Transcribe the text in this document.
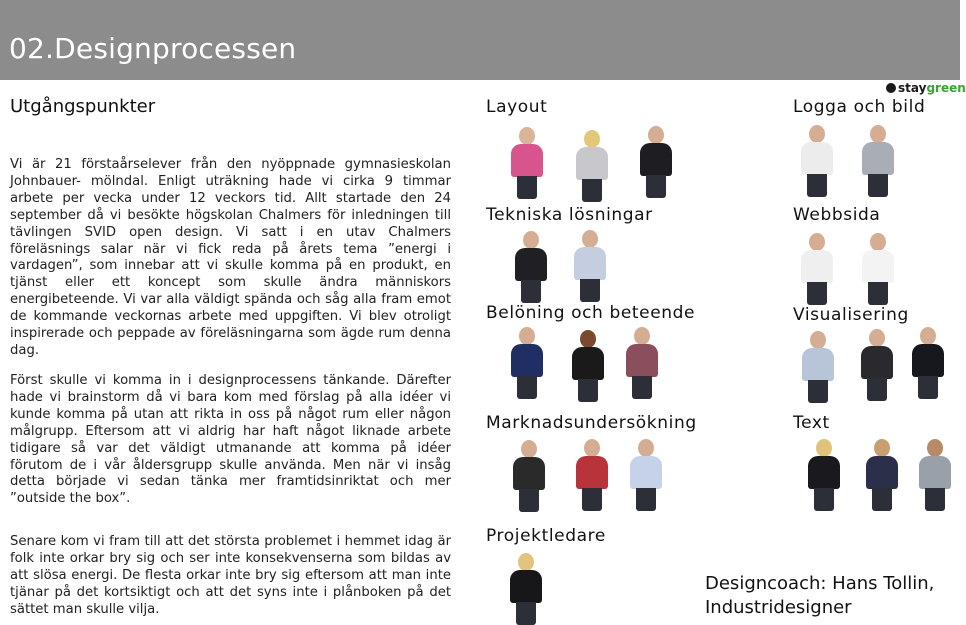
02.Designprocessen
staygreen
Utgångspunkter

Vi är 21 förstaårselever från den nyöppnade gymnasieskolan Johnbauer- mölndal. Enligt uträkning hade vi cirka 9 timmar arbete per vecka under 12 veckors tid. Allt startade den 24 september då vi besökte högskolan Chalmers för inledningen till tävlingen SVID open design. Vi satt i en utav Chalmers föreläsnings salar när vi fick reda på årets tema ”energi i vardagen”, som innebar att vi skulle komma på en produkt, en tjänst eller ett koncept som skulle ändra människors energibeteende. Vi var alla väldigt spända och såg alla fram emot de kommande veckornas arbete med uppgiften. Vi blev otroligt inspirerade och peppade av föreläsningarna som ägde rum denna dag.

Först skulle vi komma in i designprocessens tänkande. Därefter hade vi brainstorm då vi bara kom med förslag på alla idéer vi kunde komma på utan att rikta in oss på något rum eller någon målgrupp. Eftersom att vi aldrig har haft något liknade arbete tidigare så var det väldigt utmanande att komma på idéer förutom de i vår åldersgrupp skulle använda. Men när vi insåg detta började vi sedan tänka mer framtidsinriktat och mer ”outside the box”.

Senare kom vi fram till att det största problemet i hemmet idag är folk inte orkar bry sig och ser inte konsekvenserna som bildas av att slösa energi. De flesta orkar inte bry sig eftersom att man inte tjänar på det kortsiktigt och att det syns inte i plånboken på det sättet man skulle vilja.

Layout	Logga och bild
Tekniska lösningar	Webbsida
Belöning och beteende	Visualisering
Marknadsundersökning	Text
Projektledare
Designcoach: Hans Tollin,
Industridesigner
